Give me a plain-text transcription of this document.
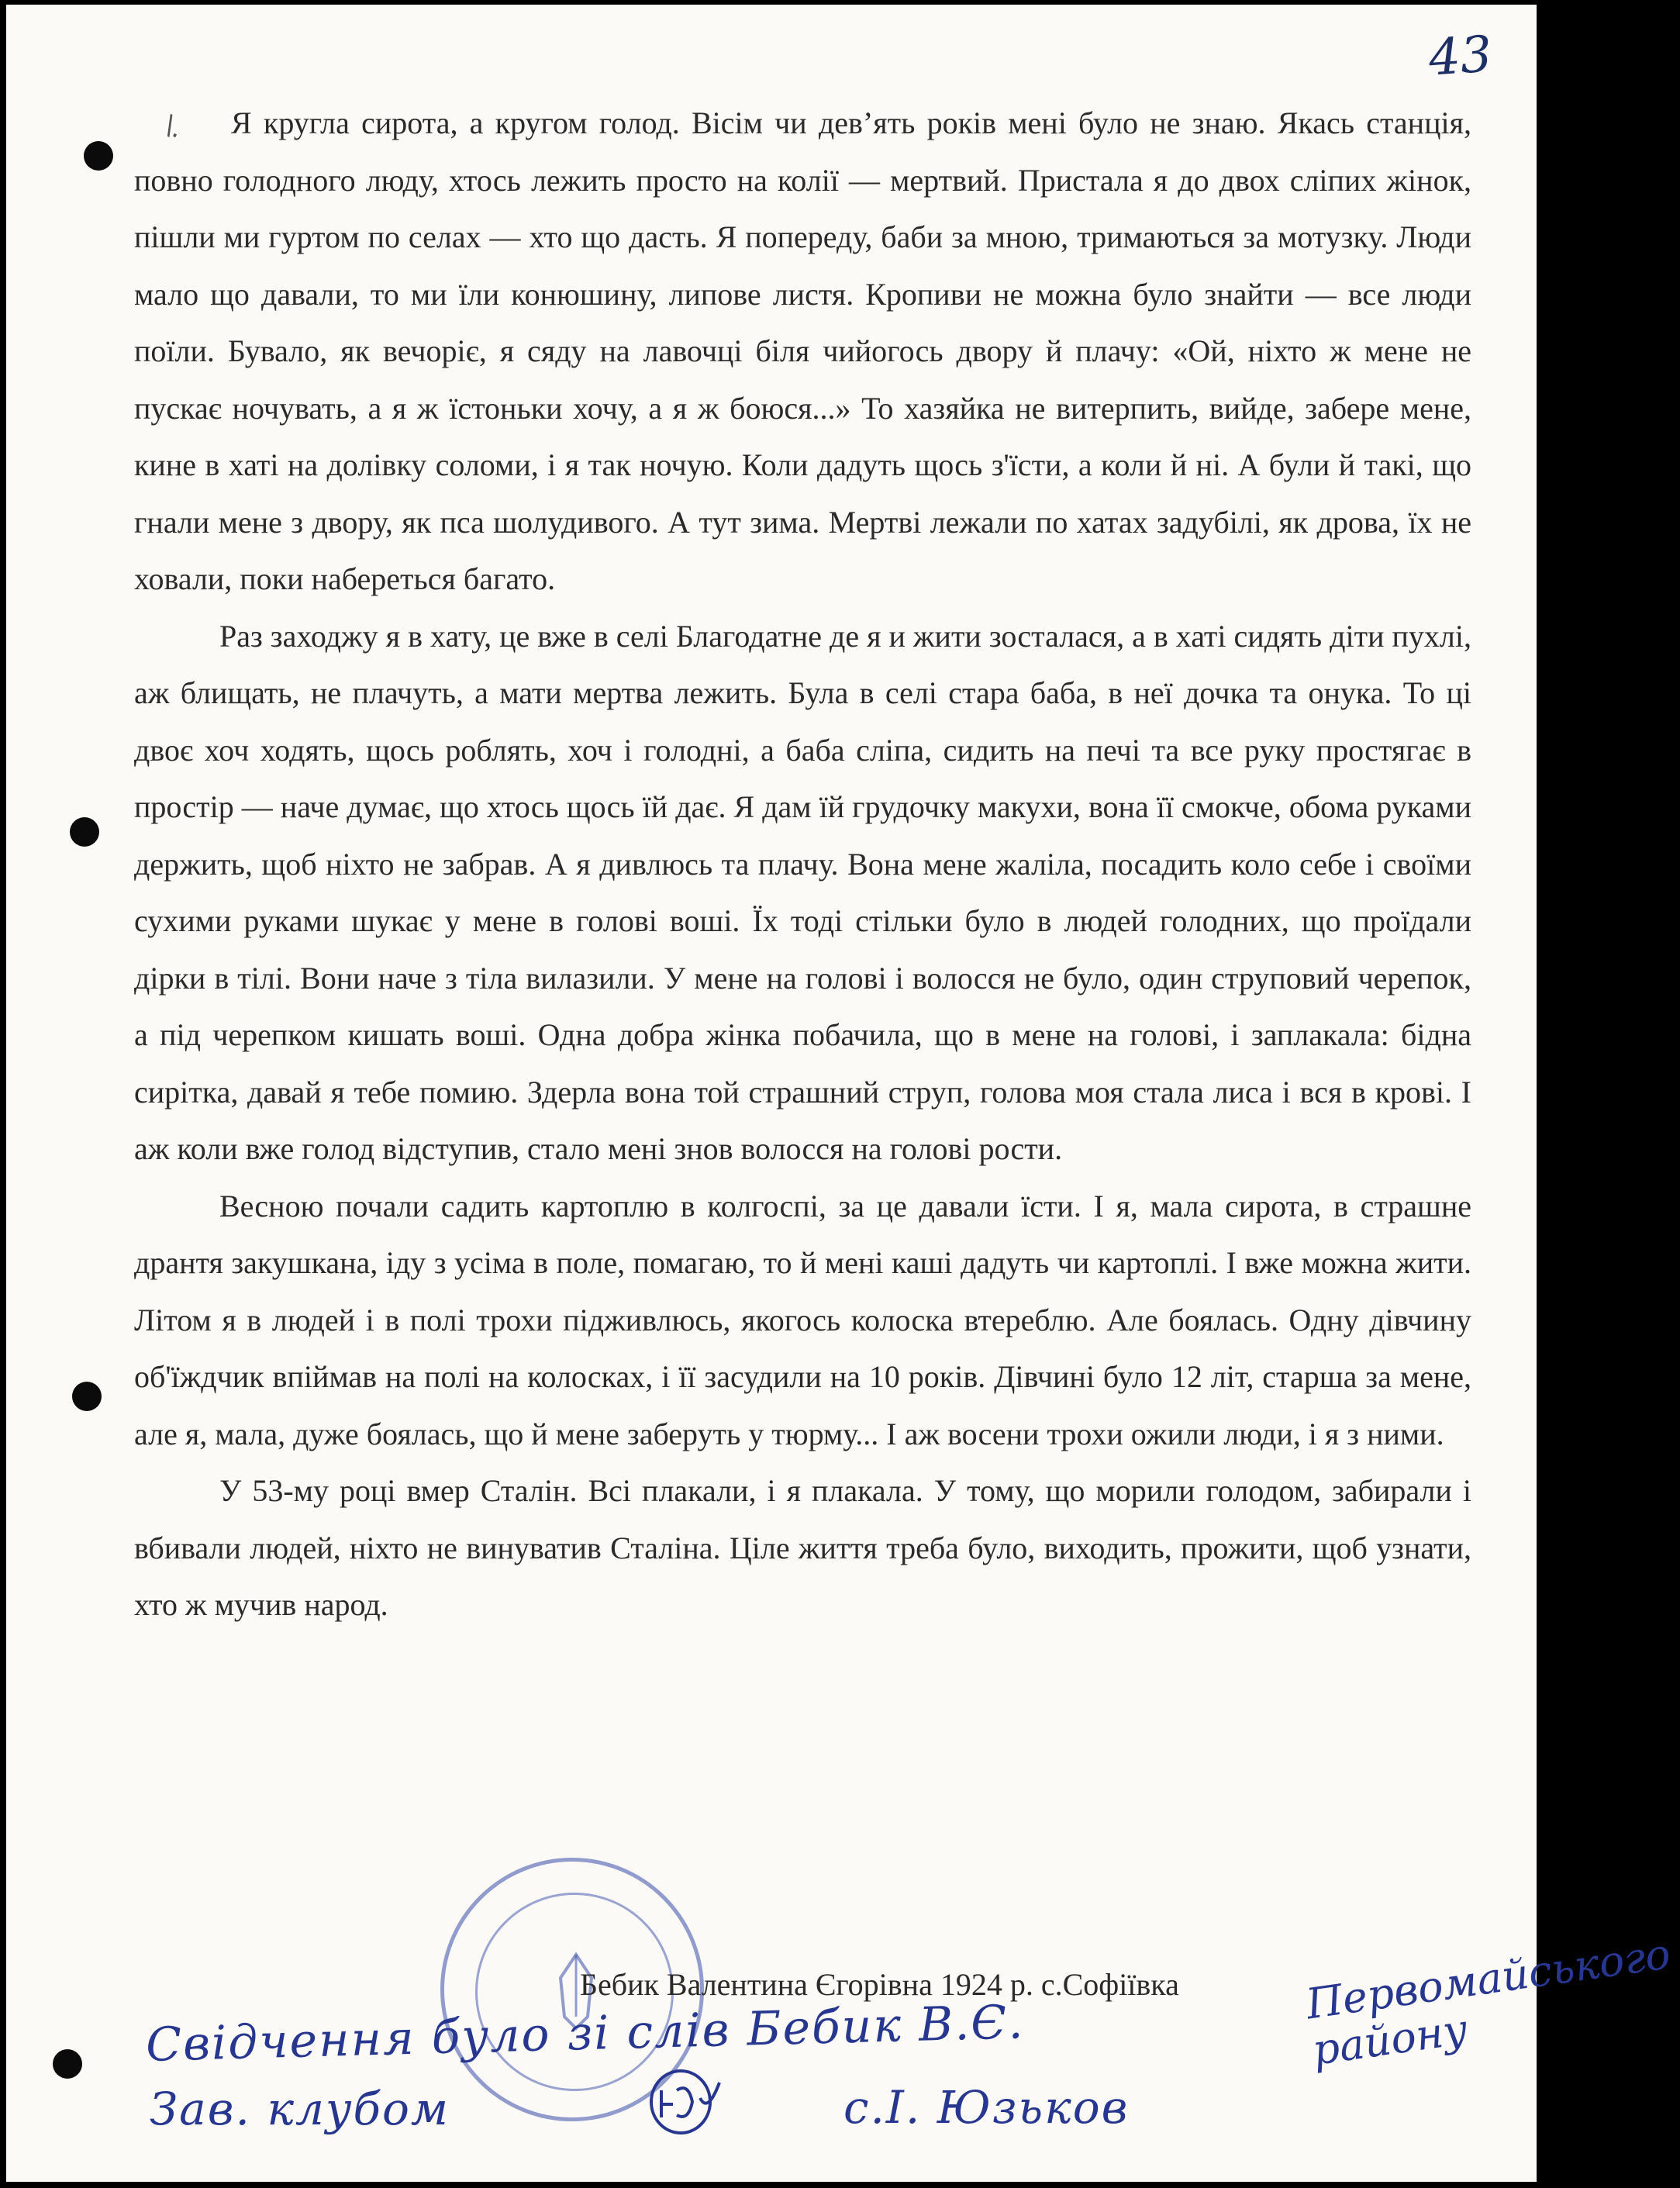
43
\.	Я кругла сирота, а кругом голод. Вісім чи дев’ять років мені було не знаю. Якась станція, повно голодного люду, хтось лежить просто на колії — мертвий. Пристала я до двох сліпих жінок, пішли ми гуртом по селах — хто що дасть. Я попереду, баби за мною, тримаються за мотузку. Люди мало що давали, то ми їли конюшину, липове листя. Кропиви не можна було знайти — все люди поїли. Бувало, як вечоріє, я сяду на лавочці біля чийогось двору й плачу: «Ой, ніхто ж мене не пускає ночувать, а я ж їстоньки хочу, а я ж боюся...» То хазяйка не витерпить, вийде, забере мене, кине в хаті на долівку соломи, і я так ночую. Коли дадуть щось з'їсти, а коли й ні. А були й такі, що гнали мене з двору, як пса шолудивого. А тут зима. Мертві лежали по хатах задубілі, як дрова, їх не ховали, поки набереться багато.

Раз заходжу я в хату, це вже в селі Благодатне де я и жити зосталася, а в хаті сидять діти пухлі, аж блищать, не плачуть, а мати мертва лежить. Була в селі стара баба, в неї дочка та онука. То ці двоє хоч ходять, щось роблять, хоч і голодні, а баба сліпа, сидить на печі та все руку простягає в простір — наче думає, що хтось щось їй дає. Я дам їй грудочку макухи, вона її смокче, обома руками держить, щоб ніхто не забрав. А я дивлюсь та плачу. Вона мене жаліла, посадить коло себе і своїми сухими руками шукає у мене в голові воші. Їх тоді стільки було в людей голодних, що проїдали дірки в тілі. Вони наче з тіла вилазили. У мене на голові і волосся не було, один струповий черепок, а під черепком кишать воші. Одна добра жінка побачила, що в мене на голові, і заплакала: бідна сирітка, давай я тебе помию. Здерла вона той страшний струп, голова моя стала лиса і вся в крові. І аж коли вже голод відступив, стало мені знов волосся на голові рости.

Весною почали садить картоплю в колгоспі, за це давали їсти. І я, мала сирота, в страшне дрантя закушкана, іду з усіма в поле, помагаю, то й мені каші дадуть чи картоплі. І вже можна жити. Літом я в людей і в полі трохи підживлюсь, якогось колоска втереблю. Але боялась. Одну дівчину об'їждчик впіймав на полі на колосках, і її засудили на 10 років. Дівчині було 12 літ, старша за мене, але я, мала, дуже боялась, що й мене заберуть у тюрму... І аж восени трохи ожили люди, і я з ними.

У 53-му році вмер Сталін. Всі плакали, і я плакала. У тому, що морили голодом, забирали і вбивали людей, ніхто не винуватив Сталіна. Ціле життя треба було, виходить, прожити, щоб узнати, хто ж мучив народ.

Бебик Валентина Єгорівна 1924 р. с.Софіївка
Свідчення було зі слів Бебик В.Є.
Зав. клубом	с.І. Юзьков
Первомайського району
